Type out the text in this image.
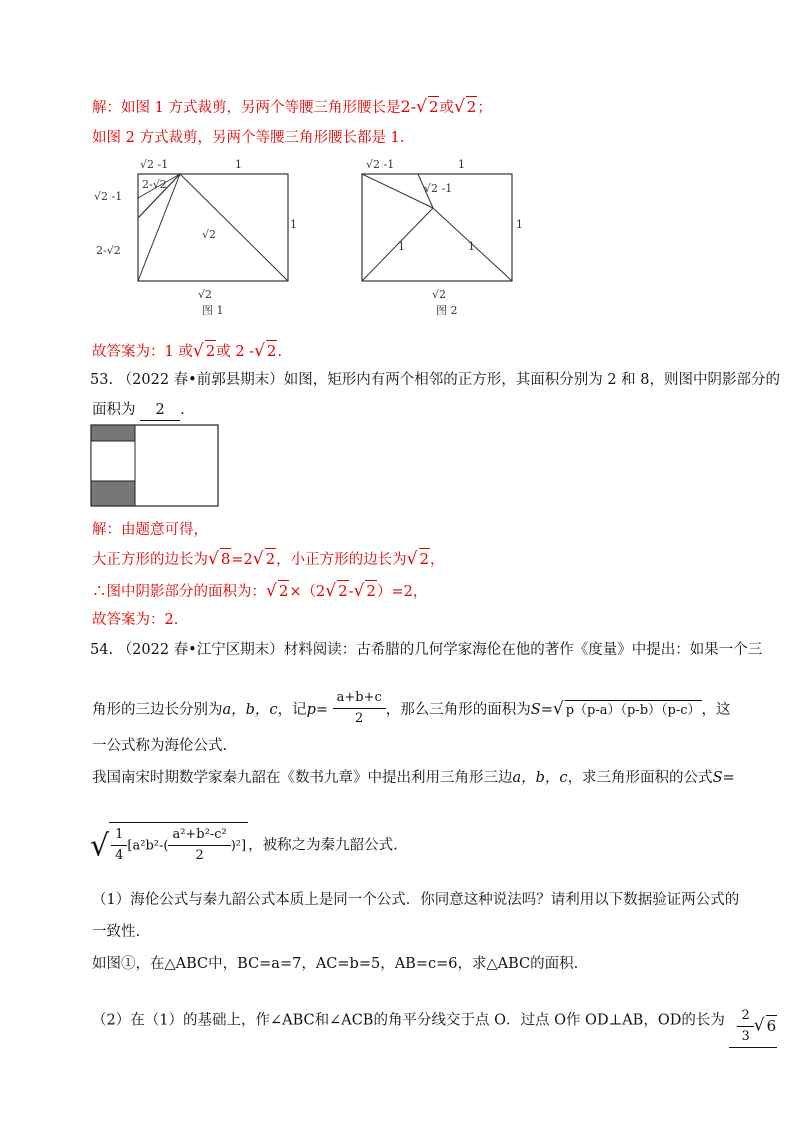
解：如图 1 方式裁剪，另两个等腰三角形腰长是2-√ 2或√ 2；
如图 2 方式裁剪，另两个等腰三角形腰长都是 1.
√2 -1	1
√2 -1
2-√2
2-√2
√2
1
√2
图 1
√2 -1	1
√2 -1
1	1
1
√2
图 2
故答案为：1 或√ 2或 2 -√ 2.
53. （2022 春•前郭县期末）如图，矩形内有两个相邻的正方形，其面积分别为 2 和 8，则图中阴影部分的
面积为 2 .
解：由题意可得，
大正方形的边长为√ 8=2√ 2，小正方形的边长为√ 2，
∴图中阴影部分的面积为：√ 2×（2√ 2-√ 2）=2，
故答案为：2.
54. （2022 春•江宁区期末）材料阅读：古希腊的几何学家海伦在他的著作《度量》中提出：如果一个三
角形的三边长分别为a，b，c，记$p= \frac{a+b+c}{2}$ ，那么三角形的面积为S=√ p（p-a）（p-b）（p-c），这
一公式称为海伦公式.
我国南宋时期数学家秦九韶在《数书九章》中提出利用三角形三边a，b，c，求三角形面积的公式S=
√ $\frac{1}{4} [a^2b^2-( \frac{\text{a²+b²-c²}}{2} )^2]$ ，被称之为秦九韶公式.
（1）海伦公式与秦九韶公式本质上是同一个公式．你同意这种说法吗？请利用以下数据验证两公式的
一致性.
如图①，在△ABC中，BC=a=7，AC=b=5，AB=c=6，求△ABC的面积.
（2）在（1）的基础上，作∠ABC和∠ACB的角平分线交于点 O．过点 O作 OD⊥AB，OD的长为 $\frac{2}{3}$ √ 6
